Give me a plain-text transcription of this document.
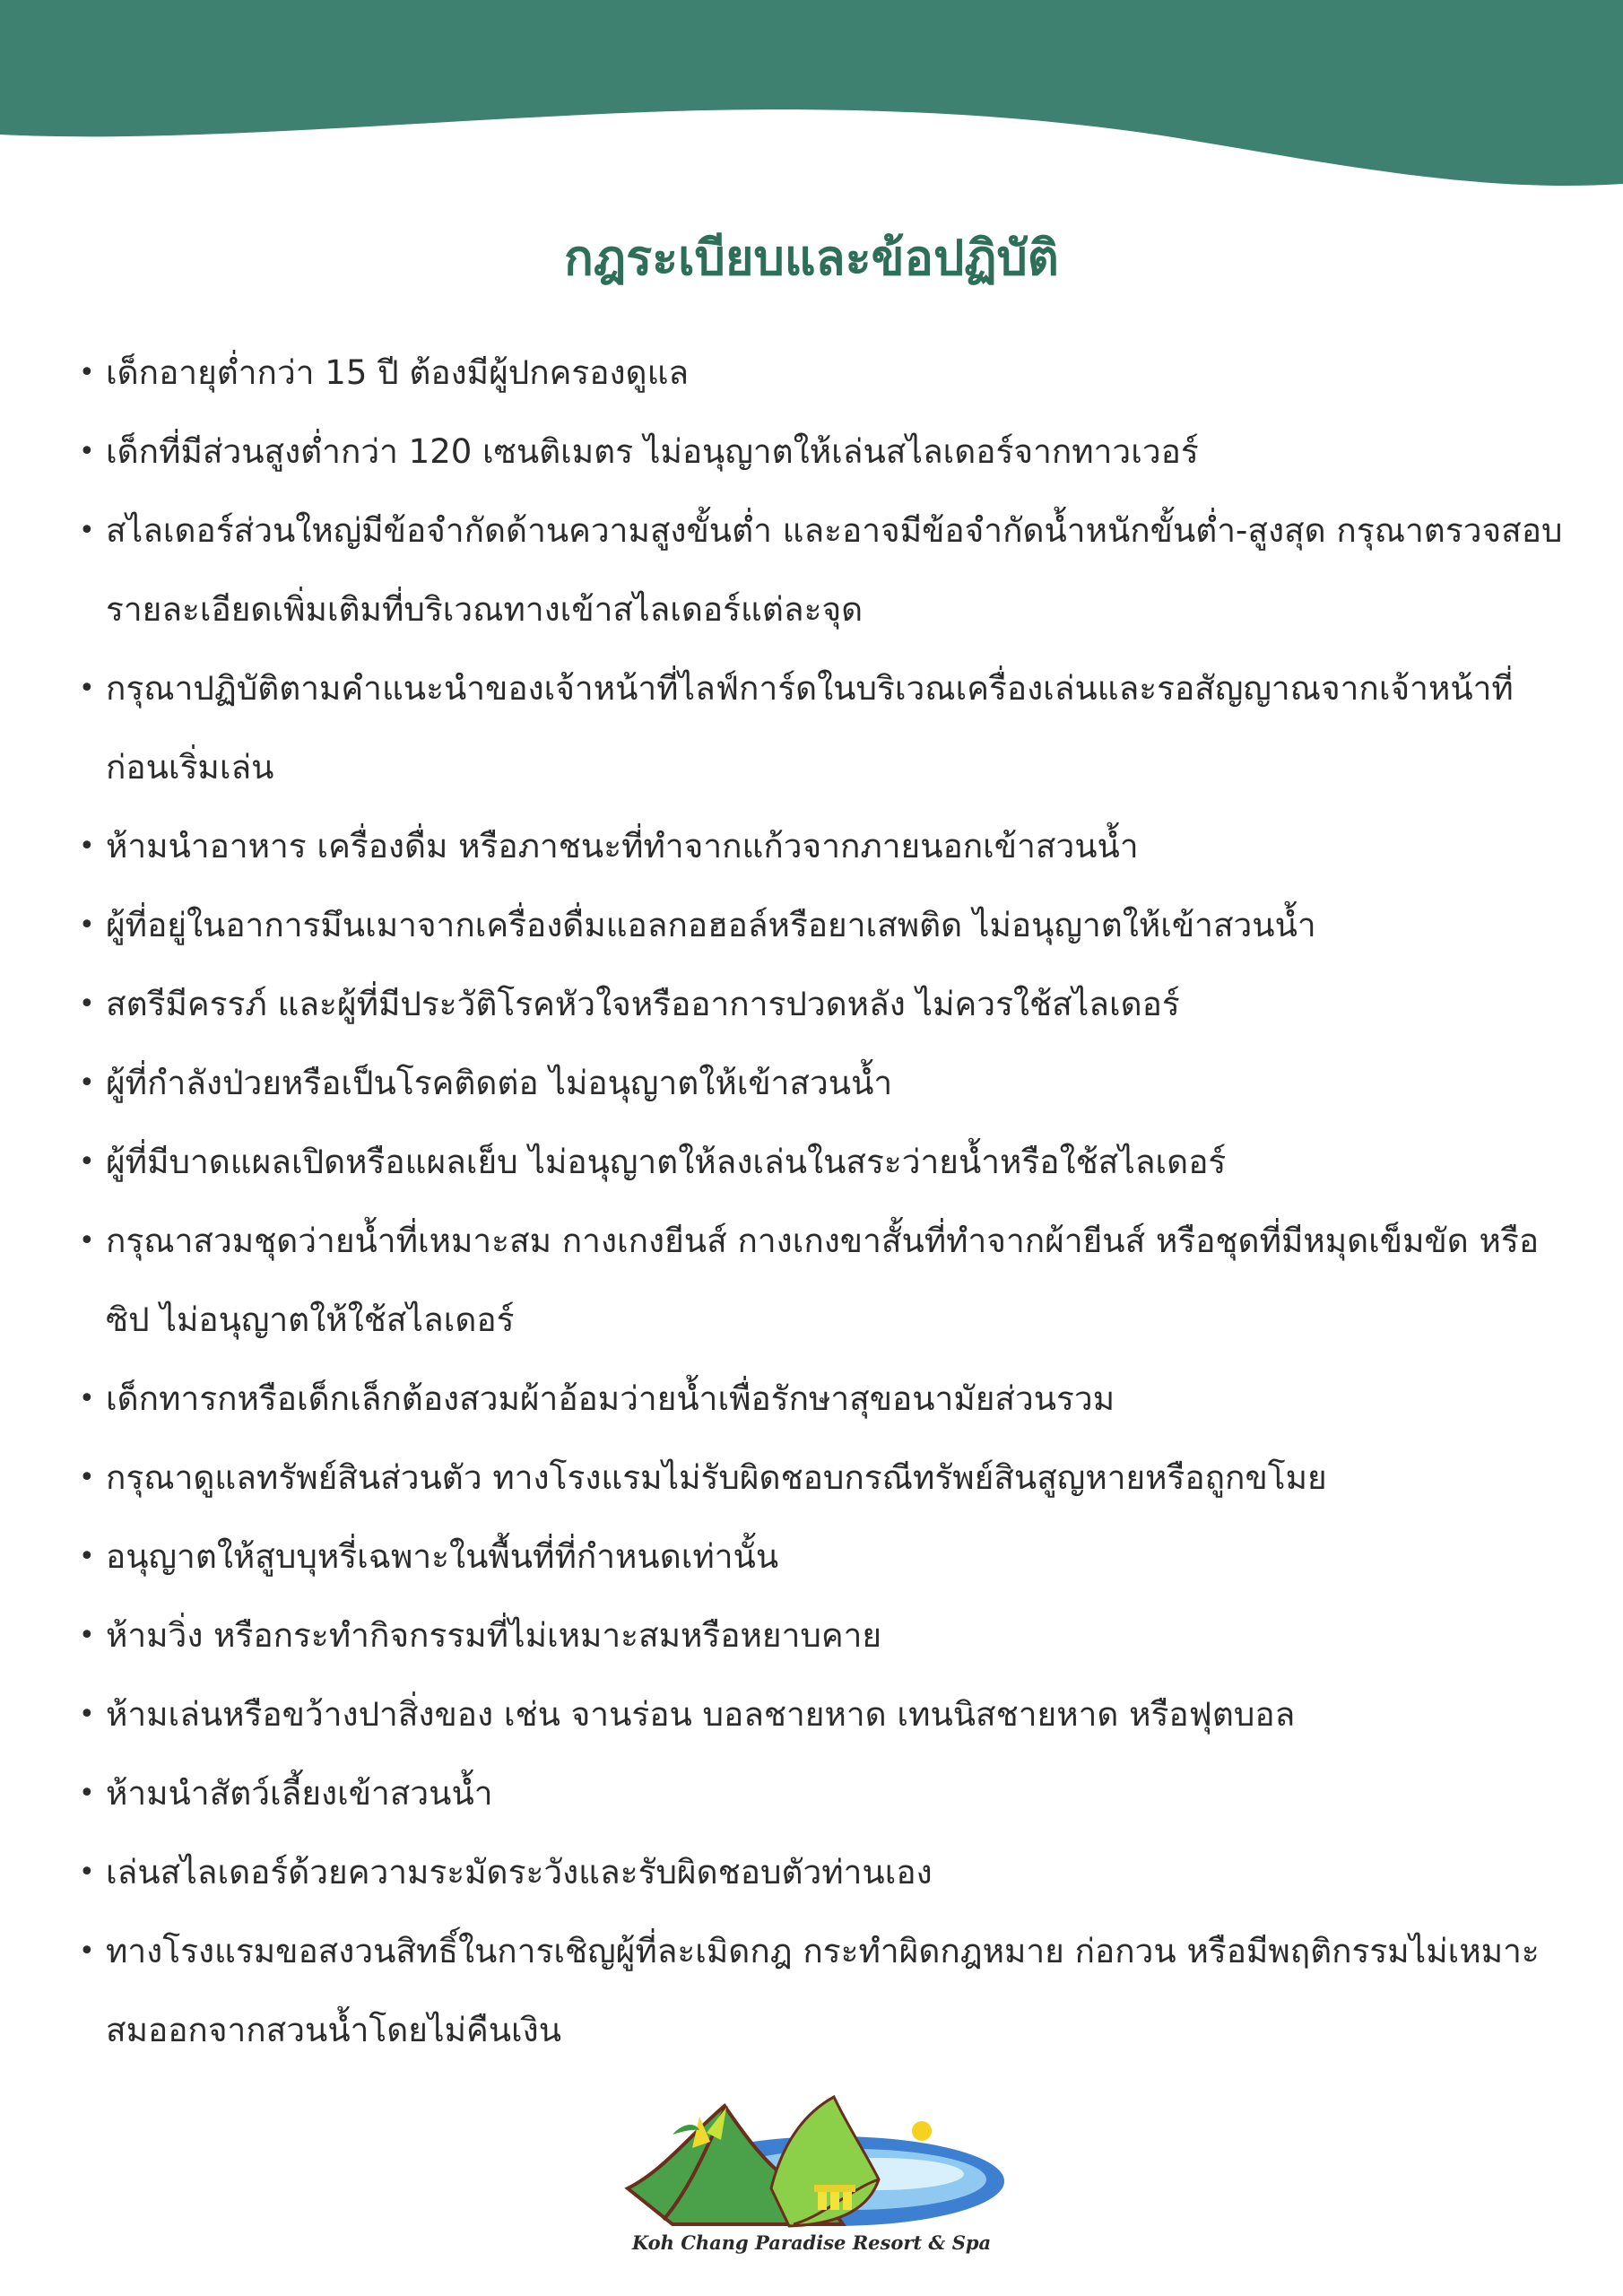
กฎระเบียบและข้อปฏิบัติ
• เด็กอายุต่ำกว่า 15 ปี ต้องมีผู้ปกครองดูแล
• เด็กที่มีส่วนสูงต่ำกว่า 120 เซนติเมตร ไม่อนุญาตให้เล่นสไลเดอร์จากทาวเวอร์
• สไลเดอร์ส่วนใหญ่มีข้อจำกัดด้านความสูงขั้นต่ำ และอาจมีข้อจำกัดน้ำหนักขั้นต่ำ-สูงสุด กรุณาตรวจสอบรายละเอียดเพิ่มเติมที่บริเวณทางเข้าสไลเดอร์แต่ละจุด
• กรุณาปฏิบัติตามคำแนะนำของเจ้าหน้าที่ไลฟ์การ์ดในบริเวณเครื่องเล่นและรอสัญญาณจากเจ้าหน้าที่ก่อนเริ่มเล่น
• ห้ามนำอาหาร เครื่องดื่ม หรือภาชนะที่ทำจากแก้วจากภายนอกเข้าสวนน้ำ
• ผู้ที่อยู่ในอาการมึนเมาจากเครื่องดื่มแอลกอฮอล์หรือยาเสพติด ไม่อนุญาตให้เข้าสวนน้ำ
• สตรีมีครรภ์ และผู้ที่มีประวัติโรคหัวใจหรืออาการปวดหลัง ไม่ควรใช้สไลเดอร์
• ผู้ที่กำลังป่วยหรือเป็นโรคติดต่อ ไม่อนุญาตให้เข้าสวนน้ำ
• ผู้ที่มีบาดแผลเปิดหรือแผลเย็บ ไม่อนุญาตให้ลงเล่นในสระว่ายน้ำหรือใช้สไลเดอร์
• กรุณาสวมชุดว่ายน้ำที่เหมาะสม กางเกงยีนส์ กางเกงขาสั้นที่ทำจากผ้ายีนส์ หรือชุดที่มีหมุดเข็มขัด หรือซิป ไม่อนุญาตให้ใช้สไลเดอร์
• เด็กทารกหรือเด็กเล็กต้องสวมผ้าอ้อมว่ายน้ำเพื่อรักษาสุขอนามัยส่วนรวม
• กรุณาดูแลทรัพย์สินส่วนตัว ทางโรงแรมไม่รับผิดชอบกรณีทรัพย์สินสูญหายหรือถูกขโมย
• อนุญาตให้สูบบุหรี่เฉพาะในพื้นที่ที่กำหนดเท่านั้น
• ห้ามวิ่ง หรือกระทำกิจกรรมที่ไม่เหมาะสมหรือหยาบคาย
• ห้ามเล่นหรือขว้างปาสิ่งของ เช่น จานร่อน บอลชายหาด เทนนิสชายหาด หรือฟุตบอล
• ห้ามนำสัตว์เลี้ยงเข้าสวนน้ำ
• เล่นสไลเดอร์ด้วยความระมัดระวังและรับผิดชอบตัวท่านเอง
• ทางโรงแรมขอสงวนสิทธิ์ในการเชิญผู้ที่ละเมิดกฎ กระทำผิดกฎหมาย ก่อกวน หรือมีพฤติกรรมไม่เหมาะสมออกจากสวนน้ำโดยไม่คืนเงิน
Koh Chang Paradise Resort & Spa
